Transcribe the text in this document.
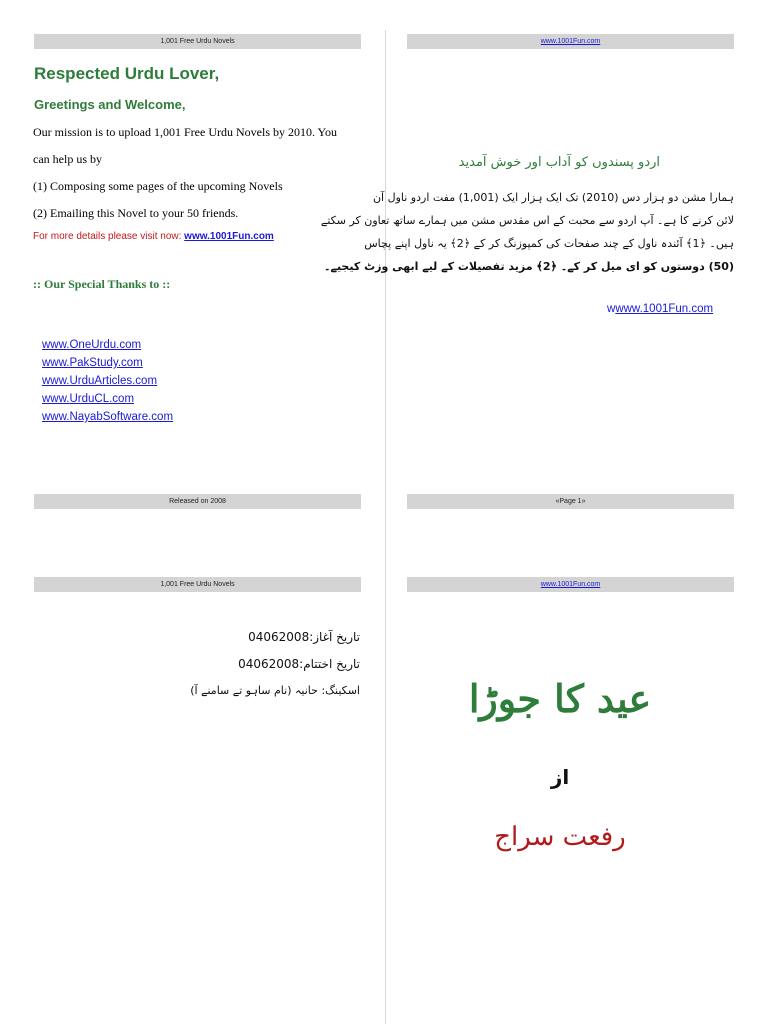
1,001 Free Urdu Novels
Respected Urdu Lover,
Greetings and Welcome,
Our mission is to upload 1,001 Free Urdu Novels by 2010. You
can help us by
(1) Composing some pages of the upcoming Novels
(2) Emailing this Novel to your 50 friends.
For more details please visit now: www.1001Fun.com
:: Our Special Thanks to ::
www.OneUrdu.com
www.PakStudy.com
www.UrduArticles.com
www.UrduCL.com
www.NayabSoftware.com
Released on 2008
www.1001Fun.com
اردو پسندوں کو آداب اور خوش آمدید
ہمارا مشن دو ہزار دس (2010) تک ایک ہزار ایک (1,001) مفت اردو ناول آن
لائن کرنے کا ہے۔ آپ اردو سے محبت کے اس مقدس مشن میں ہمارے ساتھ تعاون کر سکتے
ہیں۔ ﴿1﴾ آئندہ ناول کے چند صفحات کی کمپوزنگ کر کے ﴿2﴾ یہ ناول اپنے پچاس
(50) دوستوں کو ای میل کر کے۔ ﴿2﴾ مزید تفصیلات کے لیے ابھی وزٹ کیجیے۔
wwww.1001Fun.com
«Page 1»
1,001 Free Urdu Novels
تاریخ آغاز:04062008
تاریخ اختتام:04062008
اسکینگ: حانیہ (نام ساہو تے سامنے آ)
www.1001Fun.com
عید کا جوڑا
از
رفعت سراج
